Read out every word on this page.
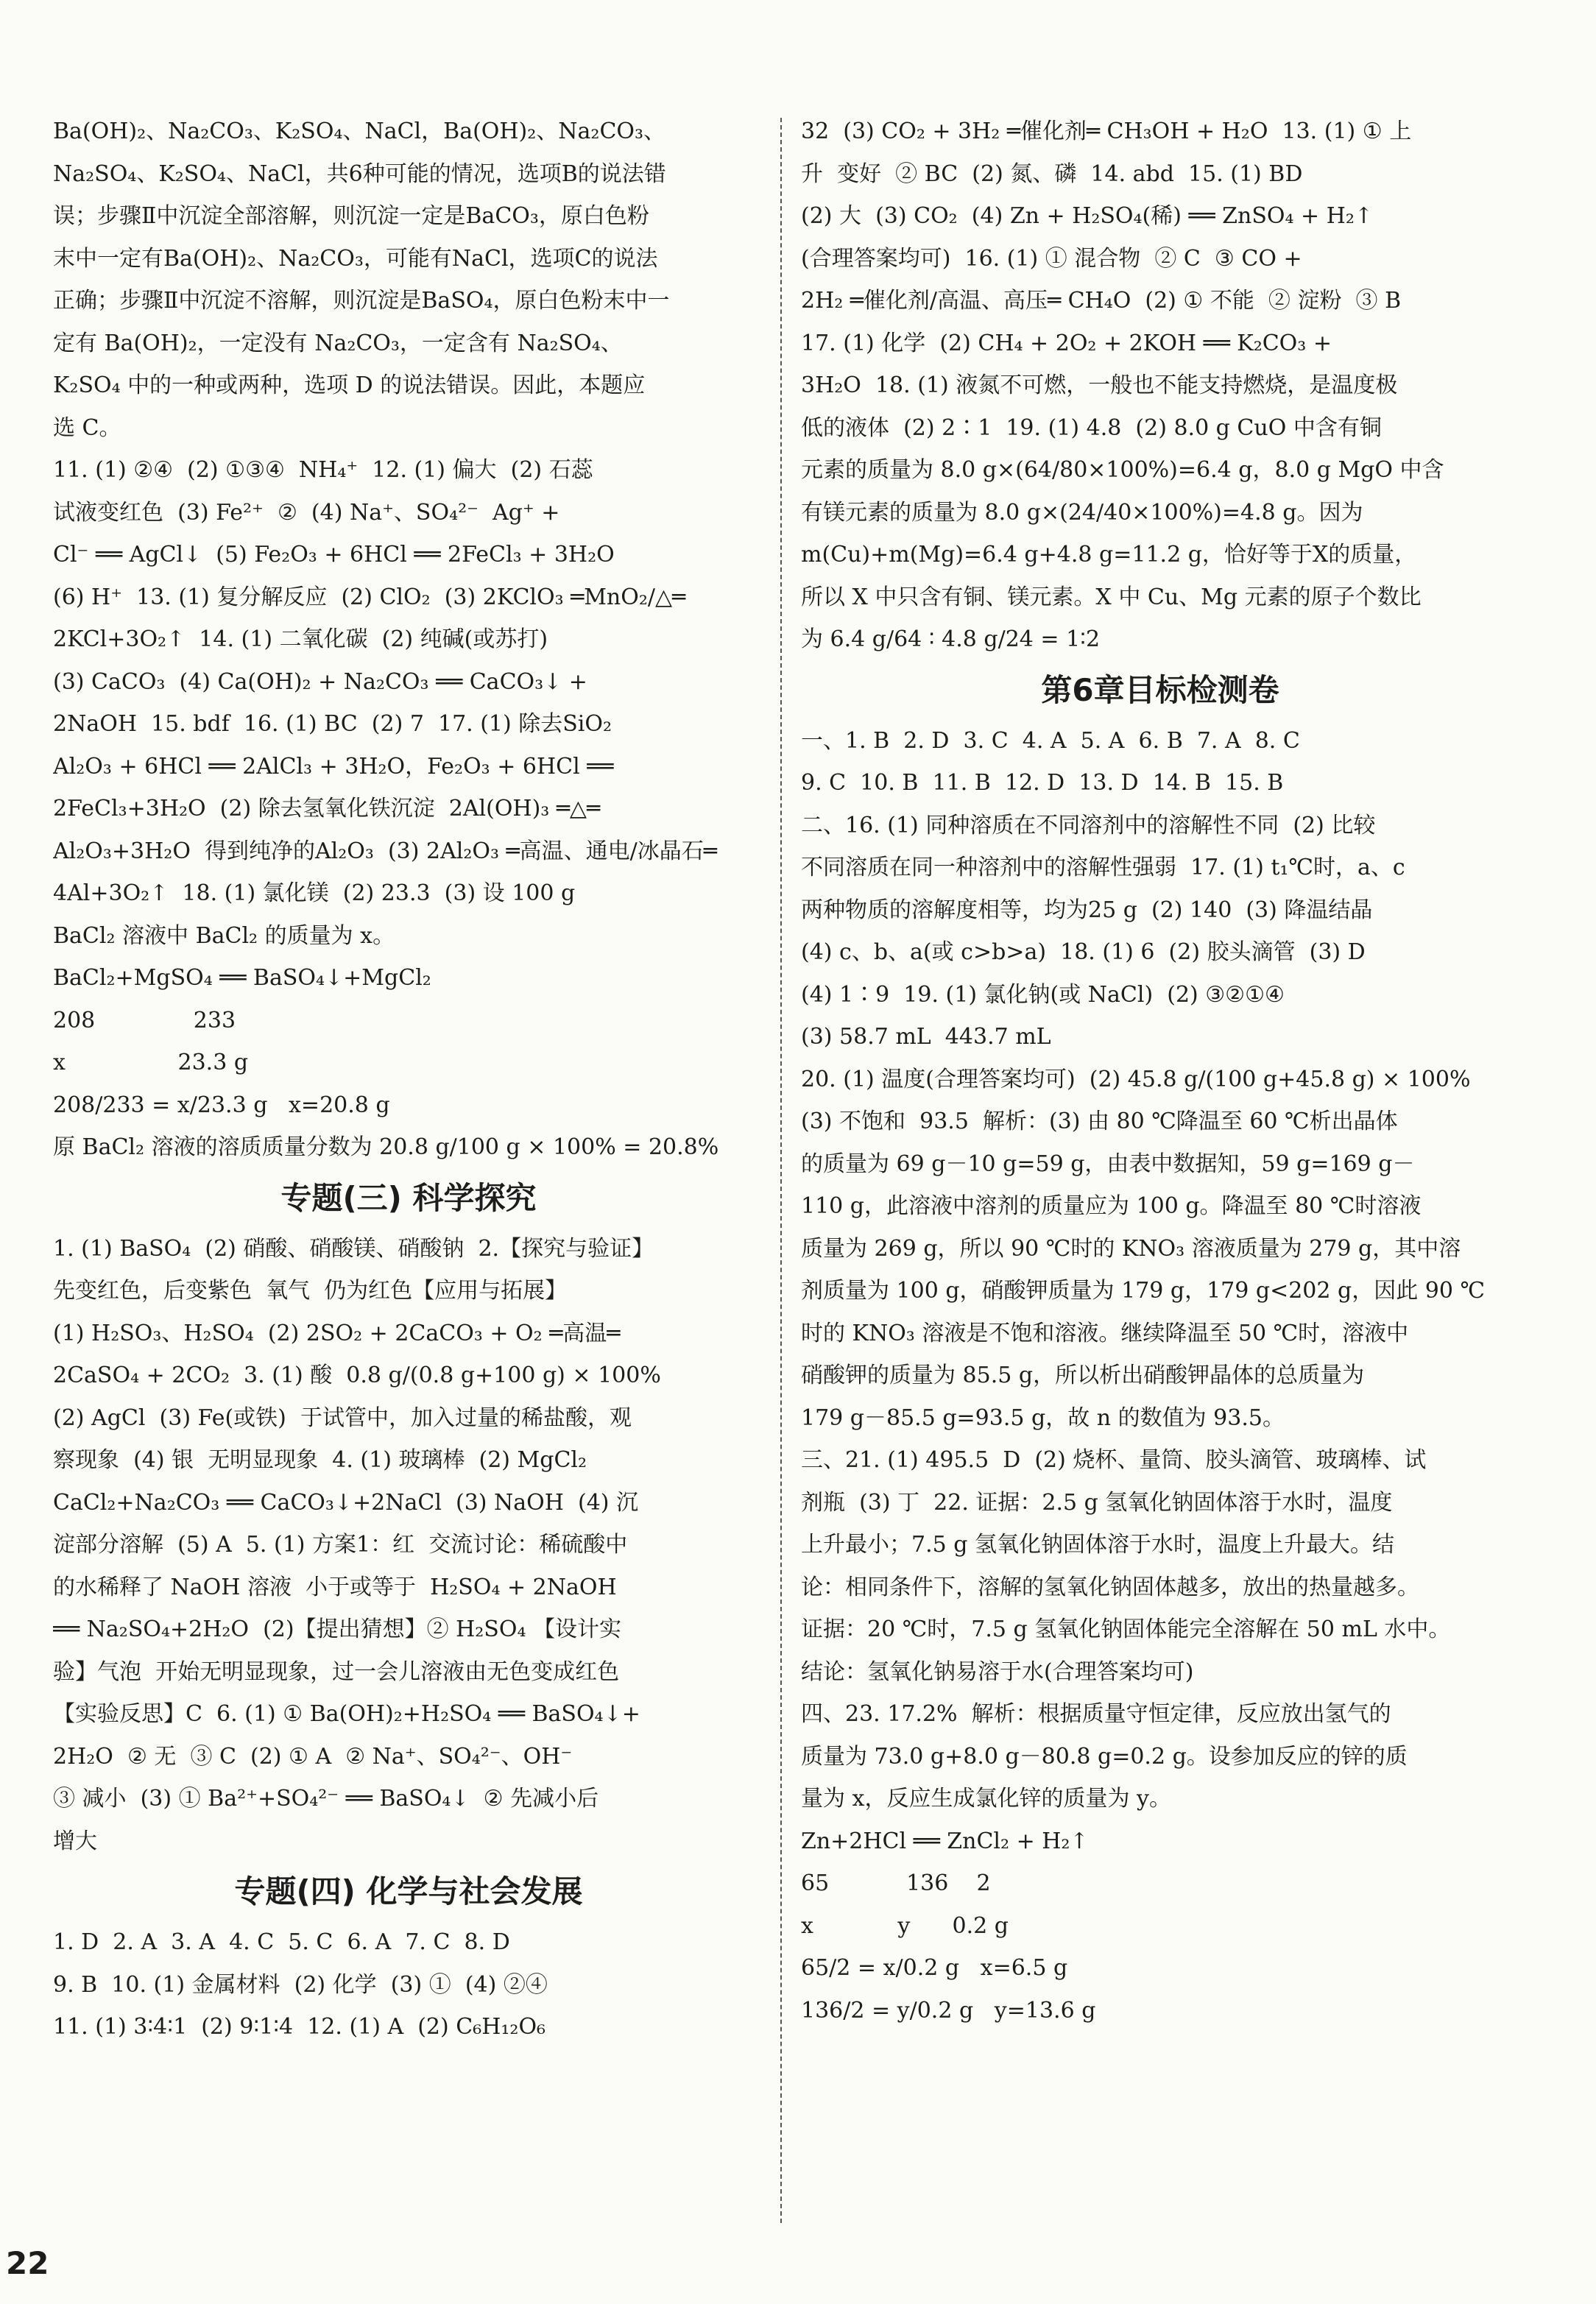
Ba(OH)₂、Na₂CO₃、K₂SO₄、NaCl，Ba(OH)₂、Na₂CO₃、
Na₂SO₄、K₂SO₄、NaCl，共6种可能的情况，选项B的说法错
误；步骤Ⅱ中沉淀全部溶解，则沉淀一定是BaCO₃，原白色粉
末中一定有Ba(OH)₂、Na₂CO₃，可能有NaCl，选项C的说法
正确；步骤Ⅱ中沉淀不溶解，则沉淀是BaSO₄，原白色粉末中一
定有 Ba(OH)₂，一定没有 Na₂CO₃，一定含有 Na₂SO₄、
K₂SO₄ 中的一种或两种，选项 D 的说法错误。因此，本题应
选 C。
11. (1) ②④  (2) ①③④  NH₄⁺  12. (1) 偏大  (2) 石蕊
试液变红色  (3) Fe²⁺  ②  (4) Na⁺、SO₄²⁻  Ag⁺ +
Cl⁻ ══ AgCl↓  (5) Fe₂O₃ + 6HCl ══ 2FeCl₃ + 3H₂O
(6) H⁺  13. (1) 复分解反应  (2) ClO₂  (3) 2KClO₃ ═MnO₂/△═
2KCl+3O₂↑  14. (1) 二氧化碳  (2) 纯碱(或苏打)
(3) CaCO₃  (4) Ca(OH)₂ + Na₂CO₃ ══ CaCO₃↓ +
2NaOH  15. bdf  16. (1) BC  (2) 7  17. (1) 除去SiO₂
Al₂O₃ + 6HCl ══ 2AlCl₃ + 3H₂O，Fe₂O₃ + 6HCl ══
2FeCl₃+3H₂O  (2) 除去氢氧化铁沉淀  2Al(OH)₃ ═△═
Al₂O₃+3H₂O  得到纯净的Al₂O₃  (3) 2Al₂O₃ ═高温、通电/冰晶石═
4Al+3O₂↑  18. (1) 氯化镁  (2) 23.3  (3) 设 100 g
BaCl₂ 溶液中 BaCl₂ 的质量为 x。
BaCl₂+MgSO₄ ══ BaSO₄↓+MgCl₂
208              233
x                23.3 g
208/233 = x/23.3 g   x=20.8 g
原 BaCl₂ 溶液的溶质质量分数为 20.8 g/100 g × 100% = 20.8%
专题(三) 科学探究
1. (1) BaSO₄  (2) 硝酸、硝酸镁、硝酸钠  2.【探究与验证】
先变红色，后变紫色  氧气  仍为红色【应用与拓展】
(1) H₂SO₃、H₂SO₄  (2) 2SO₂ + 2CaCO₃ + O₂ ═高温═
2CaSO₄ + 2CO₂  3. (1) 酸  0.8 g/(0.8 g+100 g) × 100%
(2) AgCl  (3) Fe(或铁)  于试管中，加入过量的稀盐酸，观
察现象  (4) 银  无明显现象  4. (1) 玻璃棒  (2) MgCl₂
CaCl₂+Na₂CO₃ ══ CaCO₃↓+2NaCl  (3) NaOH  (4) 沉
淀部分溶解  (5) A  5. (1) 方案1：红  交流讨论：稀硫酸中
的水稀释了 NaOH 溶液  小于或等于  H₂SO₄ + 2NaOH
══ Na₂SO₄+2H₂O  (2)【提出猜想】② H₂SO₄ 【设计实
验】气泡  开始无明显现象，过一会儿溶液由无色变成红色
【实验反思】C  6. (1) ① Ba(OH)₂+H₂SO₄ ══ BaSO₄↓+
2H₂O  ② 无  ③ C  (2) ① A  ② Na⁺、SO₄²⁻、OH⁻
③ 减小  (3) ① Ba²⁺+SO₄²⁻ ══ BaSO₄↓  ② 先减小后
增大
专题(四) 化学与社会发展
1. D  2. A  3. A  4. C  5. C  6. A  7. C  8. D
9. B  10. (1) 金属材料  (2) 化学  (3) ①  (4) ②④
11. (1) 3∶4∶1  (2) 9∶1∶4  12. (1) A  (2) C₆H₁₂O₆
32  (3) CO₂ + 3H₂ ═催化剂═ CH₃OH + H₂O  13. (1) ① 上
升  变好  ② BC  (2) 氮、磷  14. abd  15. (1) BD
(2) 大  (3) CO₂  (4) Zn + H₂SO₄(稀) ══ ZnSO₄ + H₂↑
(合理答案均可)  16. (1) ① 混合物  ② C  ③ CO +
2H₂ ═催化剂/高温、高压═ CH₄O  (2) ① 不能  ② 淀粉  ③ B
17. (1) 化学  (2) CH₄ + 2O₂ + 2KOH ══ K₂CO₃ +
3H₂O  18. (1) 液氮不可燃，一般也不能支持燃烧，是温度极
低的液体  (2) 2∶1  19. (1) 4.8  (2) 8.0 g CuO 中含有铜
元素的质量为 8.0 g×(64/80×100%)=6.4 g，8.0 g MgO 中含
有镁元素的质量为 8.0 g×(24/40×100%)=4.8 g。因为
m(Cu)+m(Mg)=6.4 g+4.8 g=11.2 g，恰好等于X的质量，
所以 X 中只含有铜、镁元素。X 中 Cu、Mg 元素的原子个数比
为 6.4 g/64 ∶ 4.8 g/24 = 1∶2
第6章目标检测卷
一、1. B  2. D  3. C  4. A  5. A  6. B  7. A  8. C
9. C  10. B  11. B  12. D  13. D  14. B  15. B
二、16. (1) 同种溶质在不同溶剂中的溶解性不同  (2) 比较
不同溶质在同一种溶剂中的溶解性强弱  17. (1) t₁℃时，a、c
两种物质的溶解度相等，均为25 g  (2) 140  (3) 降温结晶
(4) c、b、a(或 c>b>a)  18. (1) 6  (2) 胶头滴管  (3) D
(4) 1∶9  19. (1) 氯化钠(或 NaCl)  (2) ③②①④
(3) 58.7 mL  443.7 mL
20. (1) 温度(合理答案均可)  (2) 45.8 g/(100 g+45.8 g) × 100%
(3) 不饱和  93.5  解析：(3) 由 80 ℃降温至 60 ℃析出晶体
的质量为 69 g－10 g=59 g，由表中数据知，59 g=169 g－
110 g，此溶液中溶剂的质量应为 100 g。降温至 80 ℃时溶液
质量为 269 g，所以 90 ℃时的 KNO₃ 溶液质量为 279 g，其中溶
剂质量为 100 g，硝酸钾质量为 179 g，179 g<202 g，因此 90 ℃
时的 KNO₃ 溶液是不饱和溶液。继续降温至 50 ℃时，溶液中
硝酸钾的质量为 85.5 g，所以析出硝酸钾晶体的总质量为
179 g－85.5 g=93.5 g，故 n 的数值为 93.5。
三、21. (1) 495.5  D  (2) 烧杯、量筒、胶头滴管、玻璃棒、试
剂瓶  (3) 丁  22. 证据：2.5 g 氢氧化钠固体溶于水时，温度
上升最小；7.5 g 氢氧化钠固体溶于水时，温度上升最大。结
论：相同条件下，溶解的氢氧化钠固体越多，放出的热量越多。
证据：20 ℃时，7.5 g 氢氧化钠固体能完全溶解在 50 mL 水中。
结论：氢氧化钠易溶于水(合理答案均可)
四、23. 17.2%  解析：根据质量守恒定律，反应放出氢气的
质量为 73.0 g+8.0 g－80.8 g=0.2 g。设参加反应的锌的质
量为 x，反应生成氯化锌的质量为 y。
Zn+2HCl ══ ZnCl₂ + H₂↑
65           136    2
x            y      0.2 g
65/2 = x/0.2 g   x=6.5 g
136/2 = y/0.2 g   y=13.6 g
22
